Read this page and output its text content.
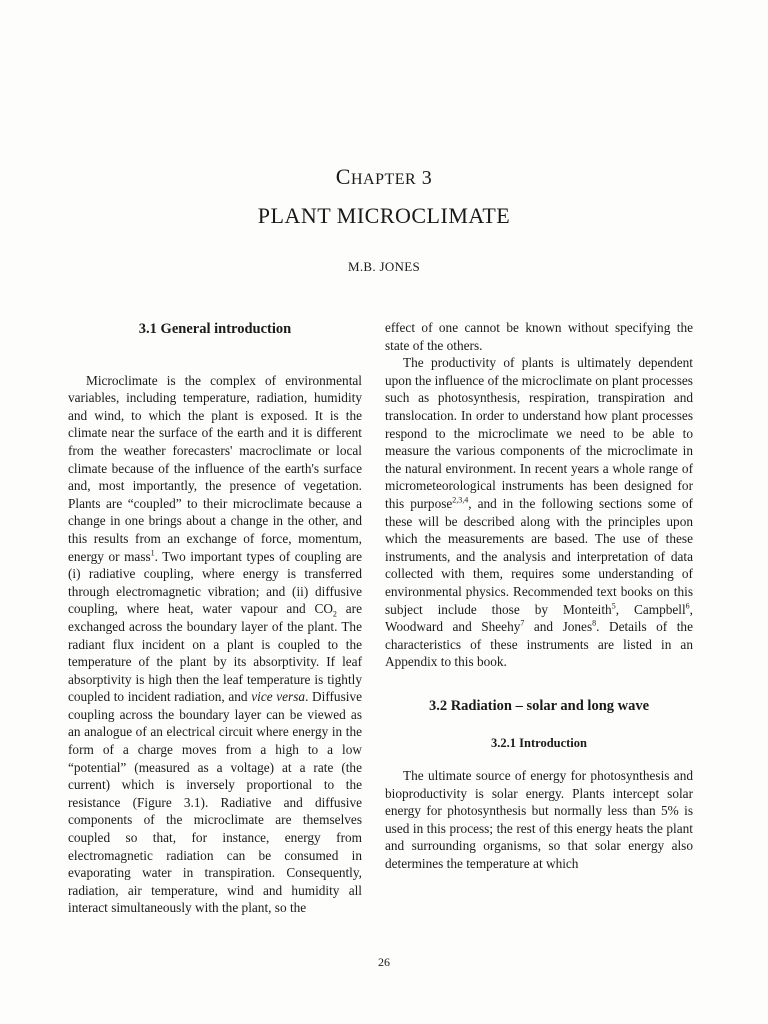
CHAPTER 3
PLANT MICROCLIMATE
M.B. JONES
3.1 General introduction

Microclimate is the complex of environmental variables, including temperature, radiation, humidity and wind, to which the plant is exposed. It is the climate near the surface of the earth and it is different from the weather forecasters' macroclimate or local climate because of the influence of the earth's surface and, most importantly, the presence of vegetation. Plants are “coupled” to their microclimate because a change in one brings about a change in the other, and this results from an exchange of force, momentum, energy or mass$^1$. Two important types of coupling are (i) radiative coupling, where energy is transferred through electromagnetic vibration; and (ii) diffusive coupling, where heat, water vapour and $CO_2$ are exchanged across the boundary layer of the plant. The radiant flux incident on a plant is coupled to the temperature of the plant by its absorptivity. If leaf absorptivity is high then the leaf temperature is tightly coupled to incident radiation, and vice versa. Diffusive coupling across the boundary layer can be viewed as an analogue of an electrical circuit where energy in the form of a charge moves from a high to a low “potential” (measured as a voltage) at a rate (the current) which is inversely proportional to the resistance (Figure 3.1). Radiative and diffusive components of the microclimate are themselves coupled so that, for instance, energy from electromagnetic radiation can be consumed in evaporating water in transpiration. Consequently, radiation, air temperature, wind and humidity all interact simultaneously with the plant, so the

effect of one cannot be known without specifying the state of the others.

The productivity of plants is ultimately dependent upon the influence of the microclimate on plant processes such as photosynthesis, respiration, transpiration and translocation. In order to understand how plant processes respond to the microclimate we need to be able to measure the various components of the microclimate in the natural environment. In recent years a whole range of micrometeorological instruments has been designed for this purpose$^{2,3,4}$, and in the following sections some of these will be described along with the principles upon which the measurements are based. The use of these instruments, and the analysis and interpretation of data collected with them, requires some understanding of environmental physics. Recommended text books on this subject include those by Monteith$^5$, Campbell$^6$, Woodward and Sheehy$^7$ and Jones$^8$. Details of the characteristics of these instruments are listed in an Appendix to this book.

3.2 Radiation – solar and long wave
3.2.1 Introduction

The ultimate source of energy for photosynthesis and bioproductivity is solar energy. Plants intercept solar energy for photosynthesis but normally less than 5% is used in this process; the rest of this energy heats the plant and surrounding organisms, so that solar energy also determines the temperature at which

26
